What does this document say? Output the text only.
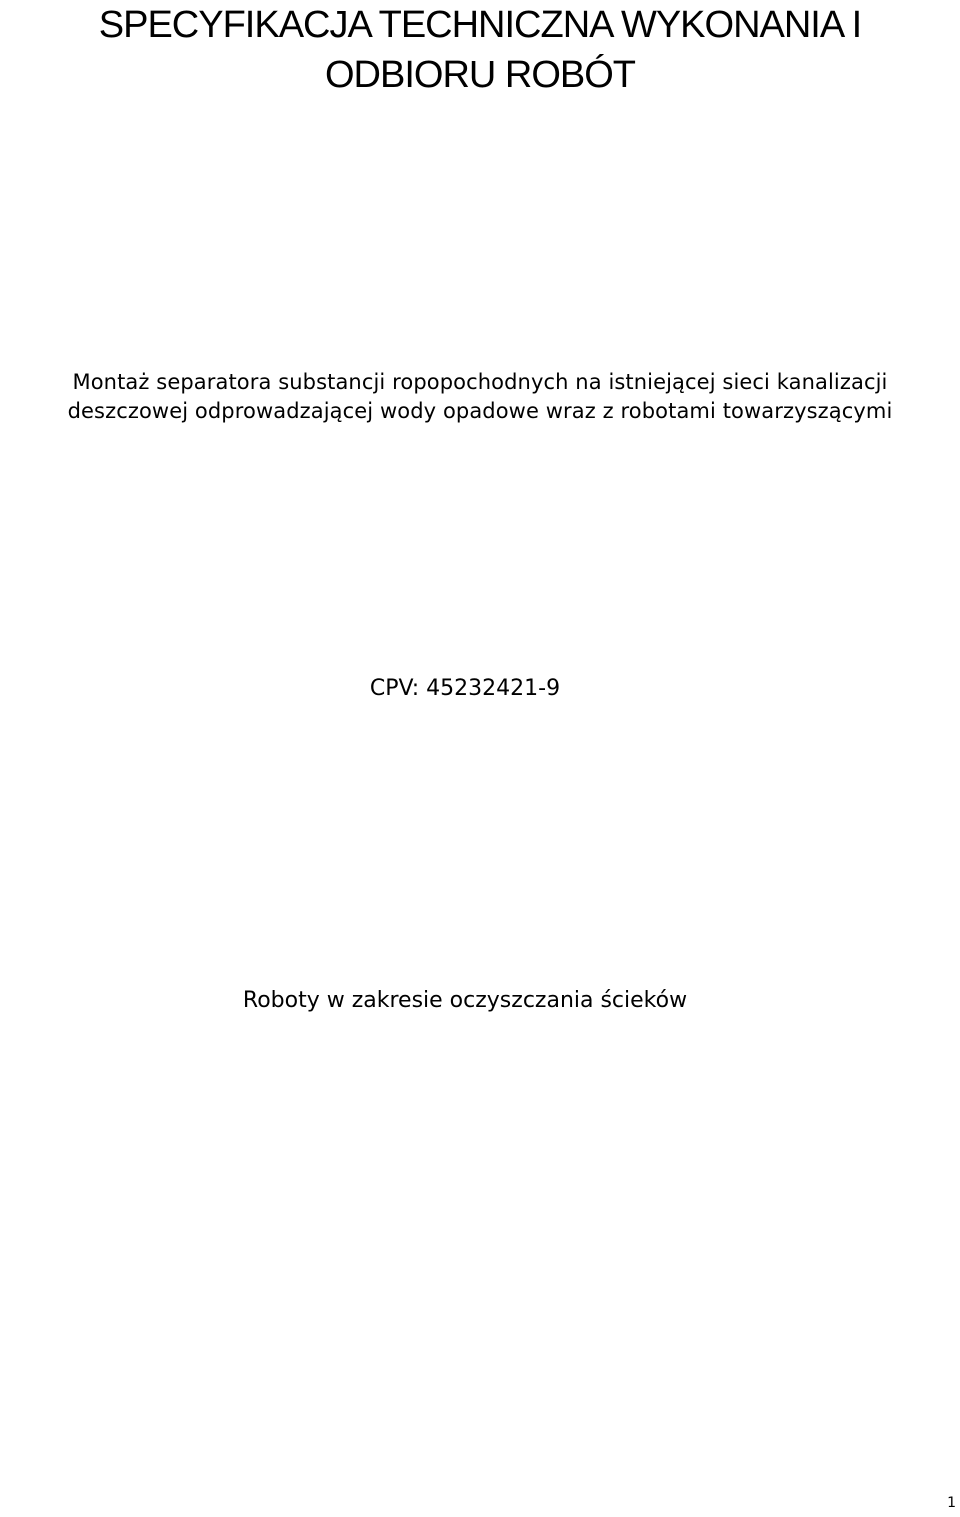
SPECYFIKACJA TECHNICZNA WYKONANIA I
ODBIORU ROBÓT

Montaż separatora substancji ropopochodnych na istniejącej sieci kanalizacji
deszczowej odprowadzającej wody opadowe wraz z robotami towarzyszącymi

CPV: 45232421-9

Roboty w zakresie oczyszczania ścieków

1
